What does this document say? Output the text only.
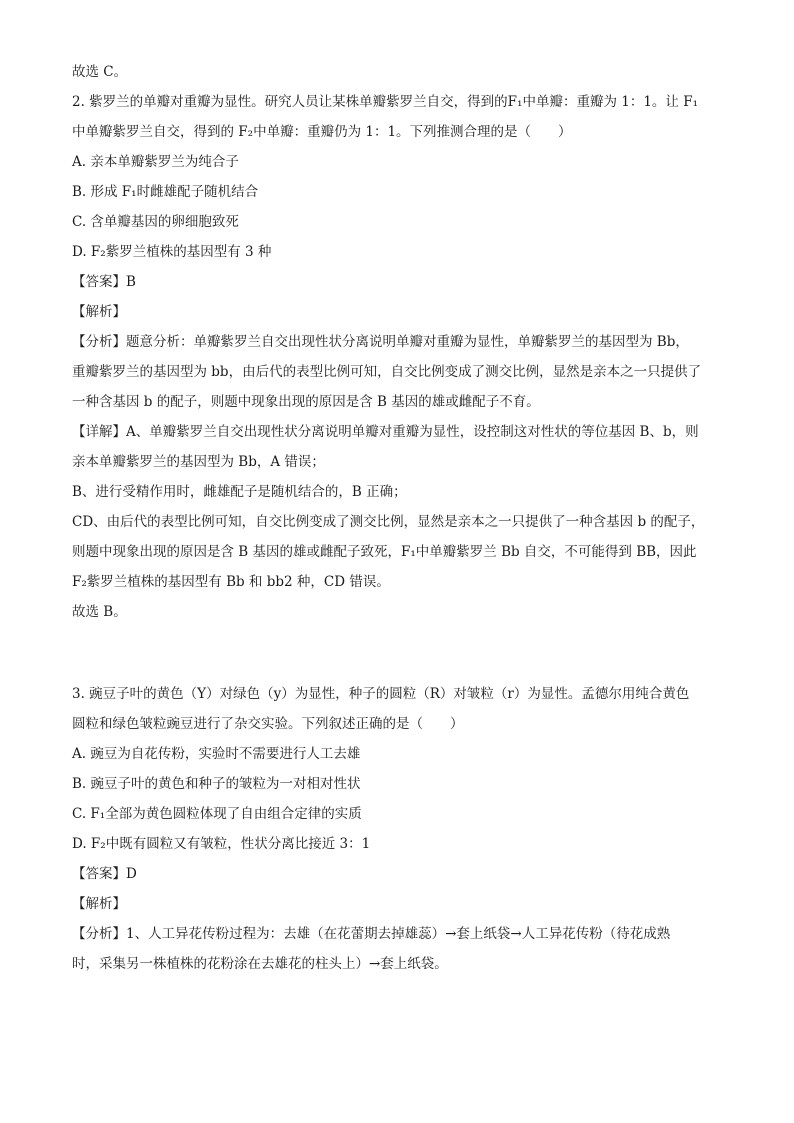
故选 C。

2. 紫罗兰的单瓣对重瓣为显性。研究人员让某株单瓣紫罗兰自交，得到的F₁中单瓣：重瓣为 1：1。让 F₁

中单瓣紫罗兰自交，得到的 F₂中单瓣：重瓣仍为 1：1。下列推测合理的是（　　）

A. 亲本单瓣紫罗兰为纯合子

B. 形成 F₁时雌雄配子随机结合

C. 含单瓣基因的卵细胞致死

D. F₂紫罗兰植株的基因型有 3 种

【答案】B

【解析】

【分析】题意分析：单瓣紫罗兰自交出现性状分离说明单瓣对重瓣为显性，单瓣紫罗兰的基因型为 Bb，

重瓣紫罗兰的基因型为 bb，由后代的表型比例可知，自交比例变成了测交比例，显然是亲本之一只提供了

一种含基因 b 的配子，则题中现象出现的原因是含 B 基因的雄或雌配子不育。

【详解】A、单瓣紫罗兰自交出现性状分离说明单瓣对重瓣为显性，设控制这对性状的等位基因 B、b，则

亲本单瓣紫罗兰的基因型为 Bb，A 错误；

B、进行受精作用时，雌雄配子是随机结合的，B 正确；

CD、由后代的表型比例可知，自交比例变成了测交比例，显然是亲本之一只提供了一种含基因 b 的配子，

则题中现象出现的原因是含 B 基因的雄或雌配子致死，F₁中单瓣紫罗兰 Bb 自交，不可能得到 BB，因此

F₂紫罗兰植株的基因型有 Bb 和 bb2 种，CD 错误。

故选 B。

3. 豌豆子叶的黄色（Y）对绿色（y）为显性，种子的圆粒（R）对皱粒（r）为显性。孟德尔用纯合黄色

圆粒和绿色皱粒豌豆进行了杂交实验。下列叙述正确的是（　　）

A. 豌豆为自花传粉，实验时不需要进行人工去雄

B. 豌豆子叶的黄色和种子的皱粒为一对相对性状

C. F₁全部为黄色圆粒体现了自由组合定律的实质

D. F₂中既有圆粒又有皱粒，性状分离比接近 3：1

【答案】D

【解析】

【分析】1、人工异花传粉过程为：去雄（在花蕾期去掉雄蕊）→套上纸袋→人工异花传粉（待花成熟

时，采集另一株植株的花粉涂在去雄花的柱头上）→套上纸袋。
